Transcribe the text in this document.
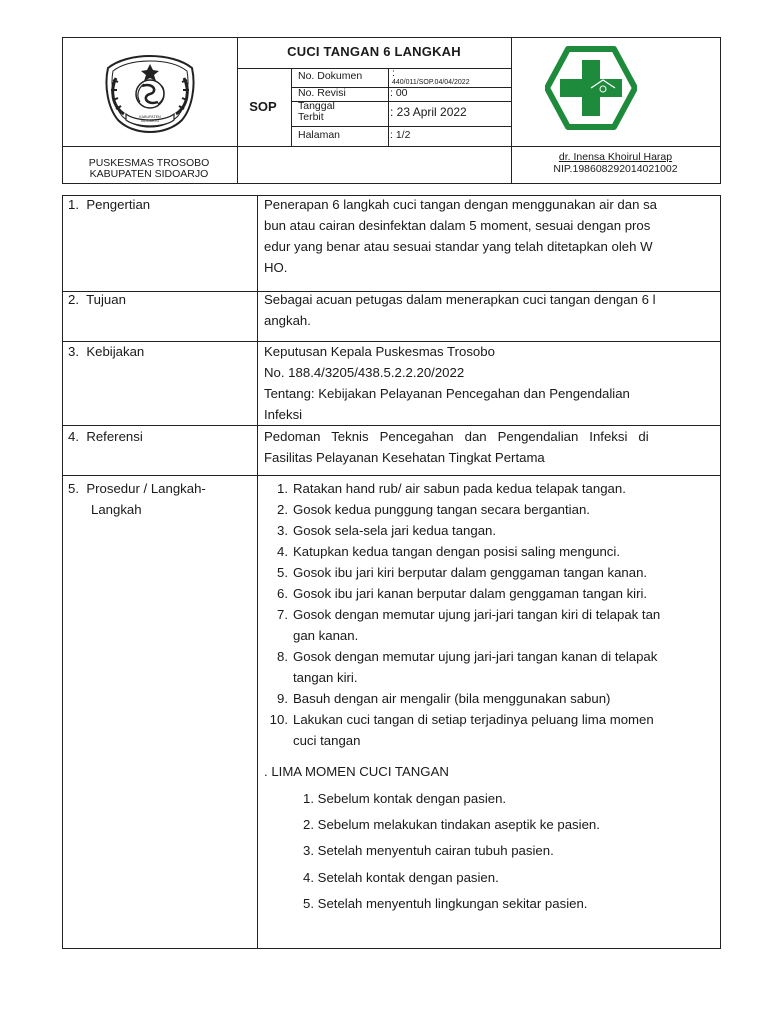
KABUPATEN SIDOARJO
CUCI TANGAN 6 LANGKAH
SOP
No. Dokumen	:
440/011/SOP.04/04/2022
No. Revisi	: 00
Tanggal
Terbit	: 23 April 2022
Halaman	: 1/2
PUSKESMAS TROSOBO
KABUPATEN SIDOARJO
dr. Inensa Khoirul Harap
NIP.198608292014021002
1.  Pengertian	Penerapan 6 langkah cuci tangan dengan menggunakan air dan sa
bun atau cairan desinfektan dalam 5 moment, sesuai dengan pros
edur yang benar atau sesuai standar yang telah ditetapkan oleh W
HO.
2.  Tujuan	Sebagai acuan petugas dalam menerapkan cuci tangan dengan 6 l
angkah.
3.  Kebijakan	Keputusan Kepala Puskesmas Trosobo
No. 188.4/3205/438.5.2.2.20/2022
Tentang: Kebijakan Pelayanan Pencegahan dan Pengendalian
Infeksi
4.  Referensi	Pedoman   Teknis   Pencegahan   dan   Pengendalian   Infeksi   di
Fasilitas Pelayanan Kesehatan Tingkat Pertama
5.  Prosedur / Langkah-
Langkah
1. Ratakan hand rub/ air sabun pada kedua telapak tangan.
2. Gosok kedua punggung tangan secara bergantian.
3. Gosok sela-sela jari kedua tangan.
4. Katupkan kedua tangan dengan posisi saling mengunci.
5. Gosok ibu jari kiri berputar dalam genggaman tangan kanan.
6. Gosok ibu jari kanan berputar dalam genggaman tangan kiri.
7. Gosok dengan memutar ujung jari-jari tangan kiri di telapak tan
gan kanan.
8. Gosok dengan memutar ujung jari-jari tangan kanan di telapak
tangan kiri.
9. Basuh dengan air mengalir (bila menggunakan sabun)
10. Lakukan cuci tangan di setiap terjadinya peluang lima momen
cuci tangan
. LIMA MOMEN CUCI TANGAN
1. Sebelum kontak dengan pasien.
2. Sebelum melakukan tindakan aseptik ke pasien.
3. Setelah menyentuh cairan tubuh pasien.
4. Setelah kontak dengan pasien.
5. Setelah menyentuh lingkungan sekitar pasien.
